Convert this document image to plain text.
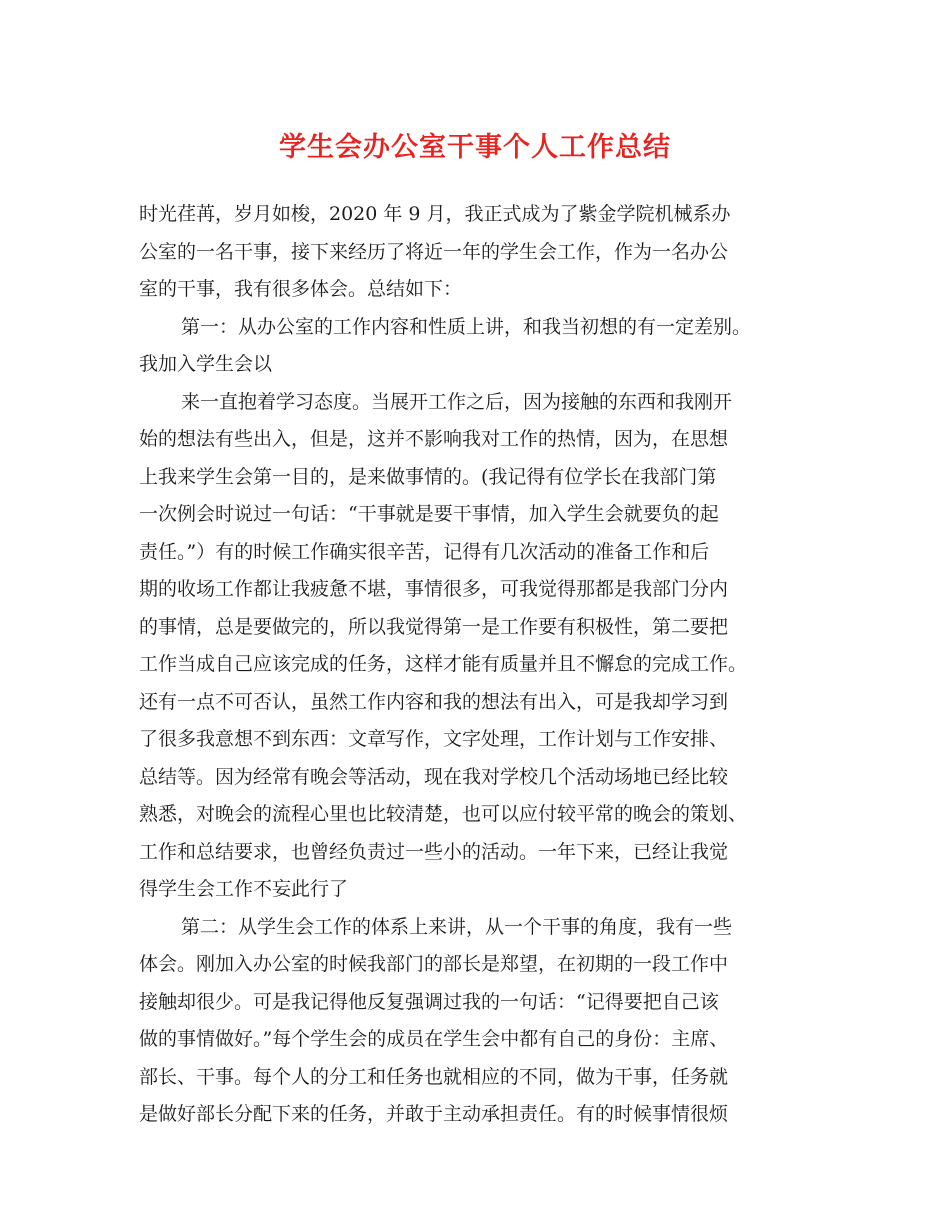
学生会办公室干事个人工作总结
时光荏苒，岁月如梭，2020 年 9 月，我正式成为了紫金学院机械系办
公室的一名干事，接下来经历了将近一年的学生会工作，作为一名办公
室的干事，我有很多体会。总结如下：
第一：从办公室的工作内容和性质上讲，和我当初想的有一定差别。
我加入学生会以
来一直抱着学习态度。当展开工作之后，因为接触的东西和我刚开
始的想法有些出入，但是，这并不影响我对工作的热情，因为，在思想
上我来学生会第一目的，是来做事情的。(我记得有位学长在我部门第
一次例会时说过一句话：“干事就是要干事情，加入学生会就要负的起
责任。”）有的时候工作确实很辛苦，记得有几次活动的准备工作和后
期的收场工作都让我疲惫不堪，事情很多，可我觉得那都是我部门分内
的事情，总是要做完的，所以我觉得第一是工作要有积极性，第二要把
工作当成自己应该完成的任务，这样才能有质量并且不懈怠的完成工作。
还有一点不可否认，虽然工作内容和我的想法有出入，可是我却学习到
了很多我意想不到东西：文章写作，文字处理，工作计划与工作安排、
总结等。因为经常有晚会等活动，现在我对学校几个活动场地已经比较
熟悉，对晚会的流程心里也比较清楚，也可以应付较平常的晚会的策划、
工作和总结要求，也曾经负责过一些小的活动。一年下来，已经让我觉
得学生会工作不妄此行了
第二：从学生会工作的体系上来讲，从一个干事的角度，我有一些
体会。刚加入办公室的时候我部门的部长是郑望，在初期的一段工作中
接触却很少。可是我记得他反复强调过我的一句话：“记得要把自己该
做的事情做好。”每个学生会的成员在学生会中都有自己的身份：主席、
部长、干事。每个人的分工和任务也就相应的不同，做为干事，任务就
是做好部长分配下来的任务，并敢于主动承担责任。有的时候事情很烦
